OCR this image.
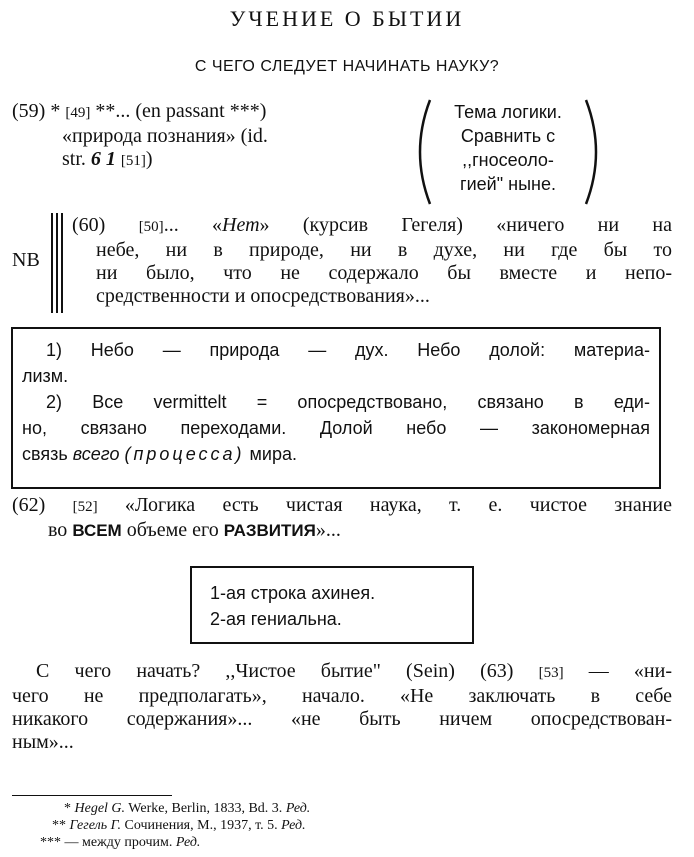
УЧЕНИЕ О БЫТИИ
С ЧЕГО СЛЕДУЕТ НАЧИНАТЬ НАУКУ?
(59) * [49] **... (en passant ***)
«природа познания» (id.
str. 6 1 [51])
Тема логики.
Сравнить с
,,гносеоло-
гией" ныне.
NB
(60) [50]... «Нет» (курсив Гегеля) «ничего ни на
небе, ни в природе, ни в духе, ни где бы то
ни было, что не содержало бы вместе и непо-
средственности и опосредствования»...
1) Небо — природа — дух. Небо долой: материа-
лизм.
2) Все vermittelt = опосредствовано, связано в еди-
но, связано переходами. Долой небо — закономерная
связь всего (процесса) мира.
(62) [52] «Логика есть чистая наука, т. е. чистое знание
во ВСЕМ объеме его РАЗВИТИЯ»...
1-ая строка ахинея.
2-ая гениальна.
С чего начать? ,,Чистое бытие" (Sein) (63) [53] — «ни-
чего не предполагать», начало. «Не заключать в себе
никакого содержания»... «не быть ничем опосредствован-
ным»...
* Hegel G. Werke, Berlin, 1833, Bd. 3. Ред.
** Гегель Г. Сочинения, М., 1937, т. 5. Ред.
*** — между прочим. Ред.
